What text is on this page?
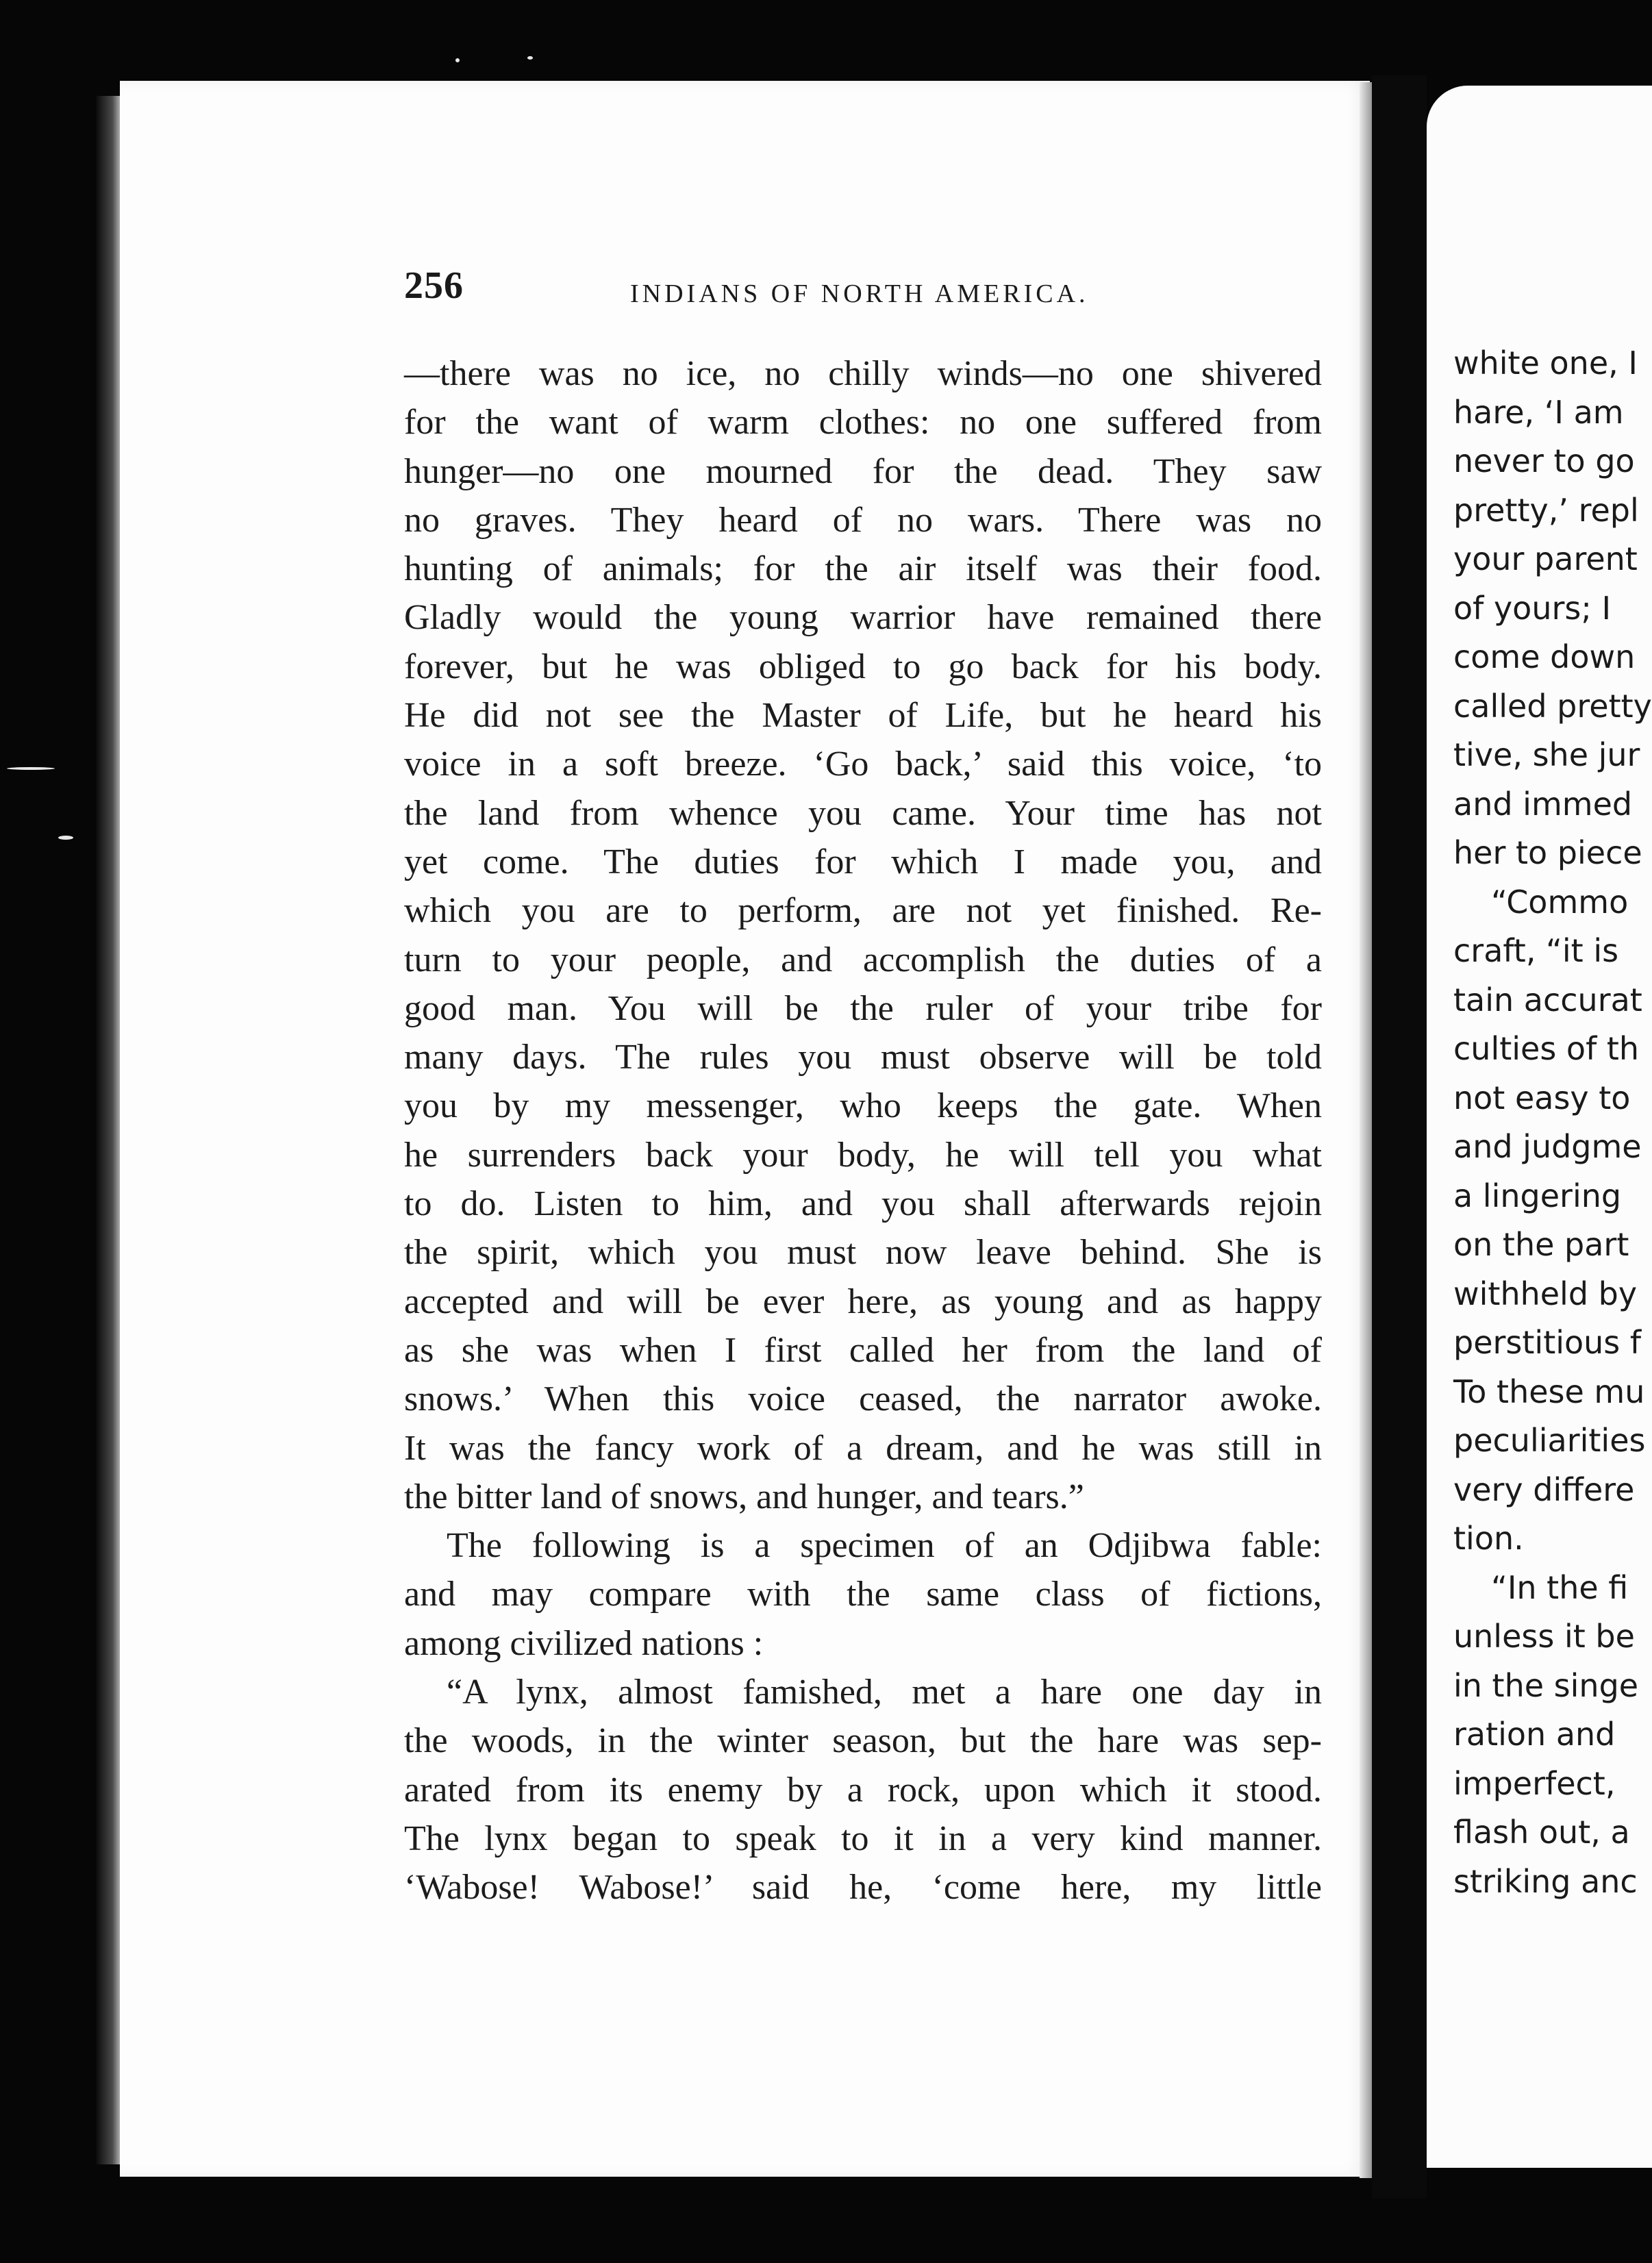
256	INDIANS OF NORTH AMERICA.
—there was no ice, no chilly winds—no one shivered
for the want of warm clothes: no one suffered from
hunger—no one mourned for the dead. They saw
no graves. They heard of no wars. There was no
hunting of animals; for the air itself was their food.
Gladly would the young warrior have remained there
forever, but he was obliged to go back for his body.
He did not see the Master of Life, but he heard his
voice in a soft breeze. ‘Go back,’ said this voice, ‘to
the land from whence you came. Your time has not
yet come. The duties for which I made you, and
which you are to perform, are not yet finished. Re-
turn to your people, and accomplish the duties of a
good man. You will be the ruler of your tribe for
many days. The rules you must observe will be told
you by my messenger, who keeps the gate. When
he surrenders back your body, he will tell you what
to do. Listen to him, and you shall afterwards rejoin
the spirit, which you must now leave behind. She is
accepted and will be ever here, as young and as happy
as she was when I first called her from the land of
snows.’ When this voice ceased, the narrator awoke.
It was the fancy work of a dream, and he was still in
the bitter land of snows, and hunger, and tears.”
The following is a specimen of an Odjibwa fable:
and may compare with the same class of fictions,
among civilized nations :
“A lynx, almost famished, met a hare one day in
the woods, in the winter season, but the hare was sep-
arated from its enemy by a rock, upon which it stood.
The lynx began to speak to it in a very kind manner.
‘Wabose! Wabose!’ said he, ‘come here, my little
white one, I
hare, ‘I am
never to go
pretty,’ repl
your parent
of yours; I
come down
called pretty
tive, she jur
and immed
her to piece
“Commo
craft, “it is
tain accurat
culties of th
not easy to
and judgme
a lingering
on the part
withheld by
perstitious f
To these mu
peculiarities
very differe
tion.
“In the fi
unless it be
in the singe
ration and
imperfect,
flash out, a
striking anc
